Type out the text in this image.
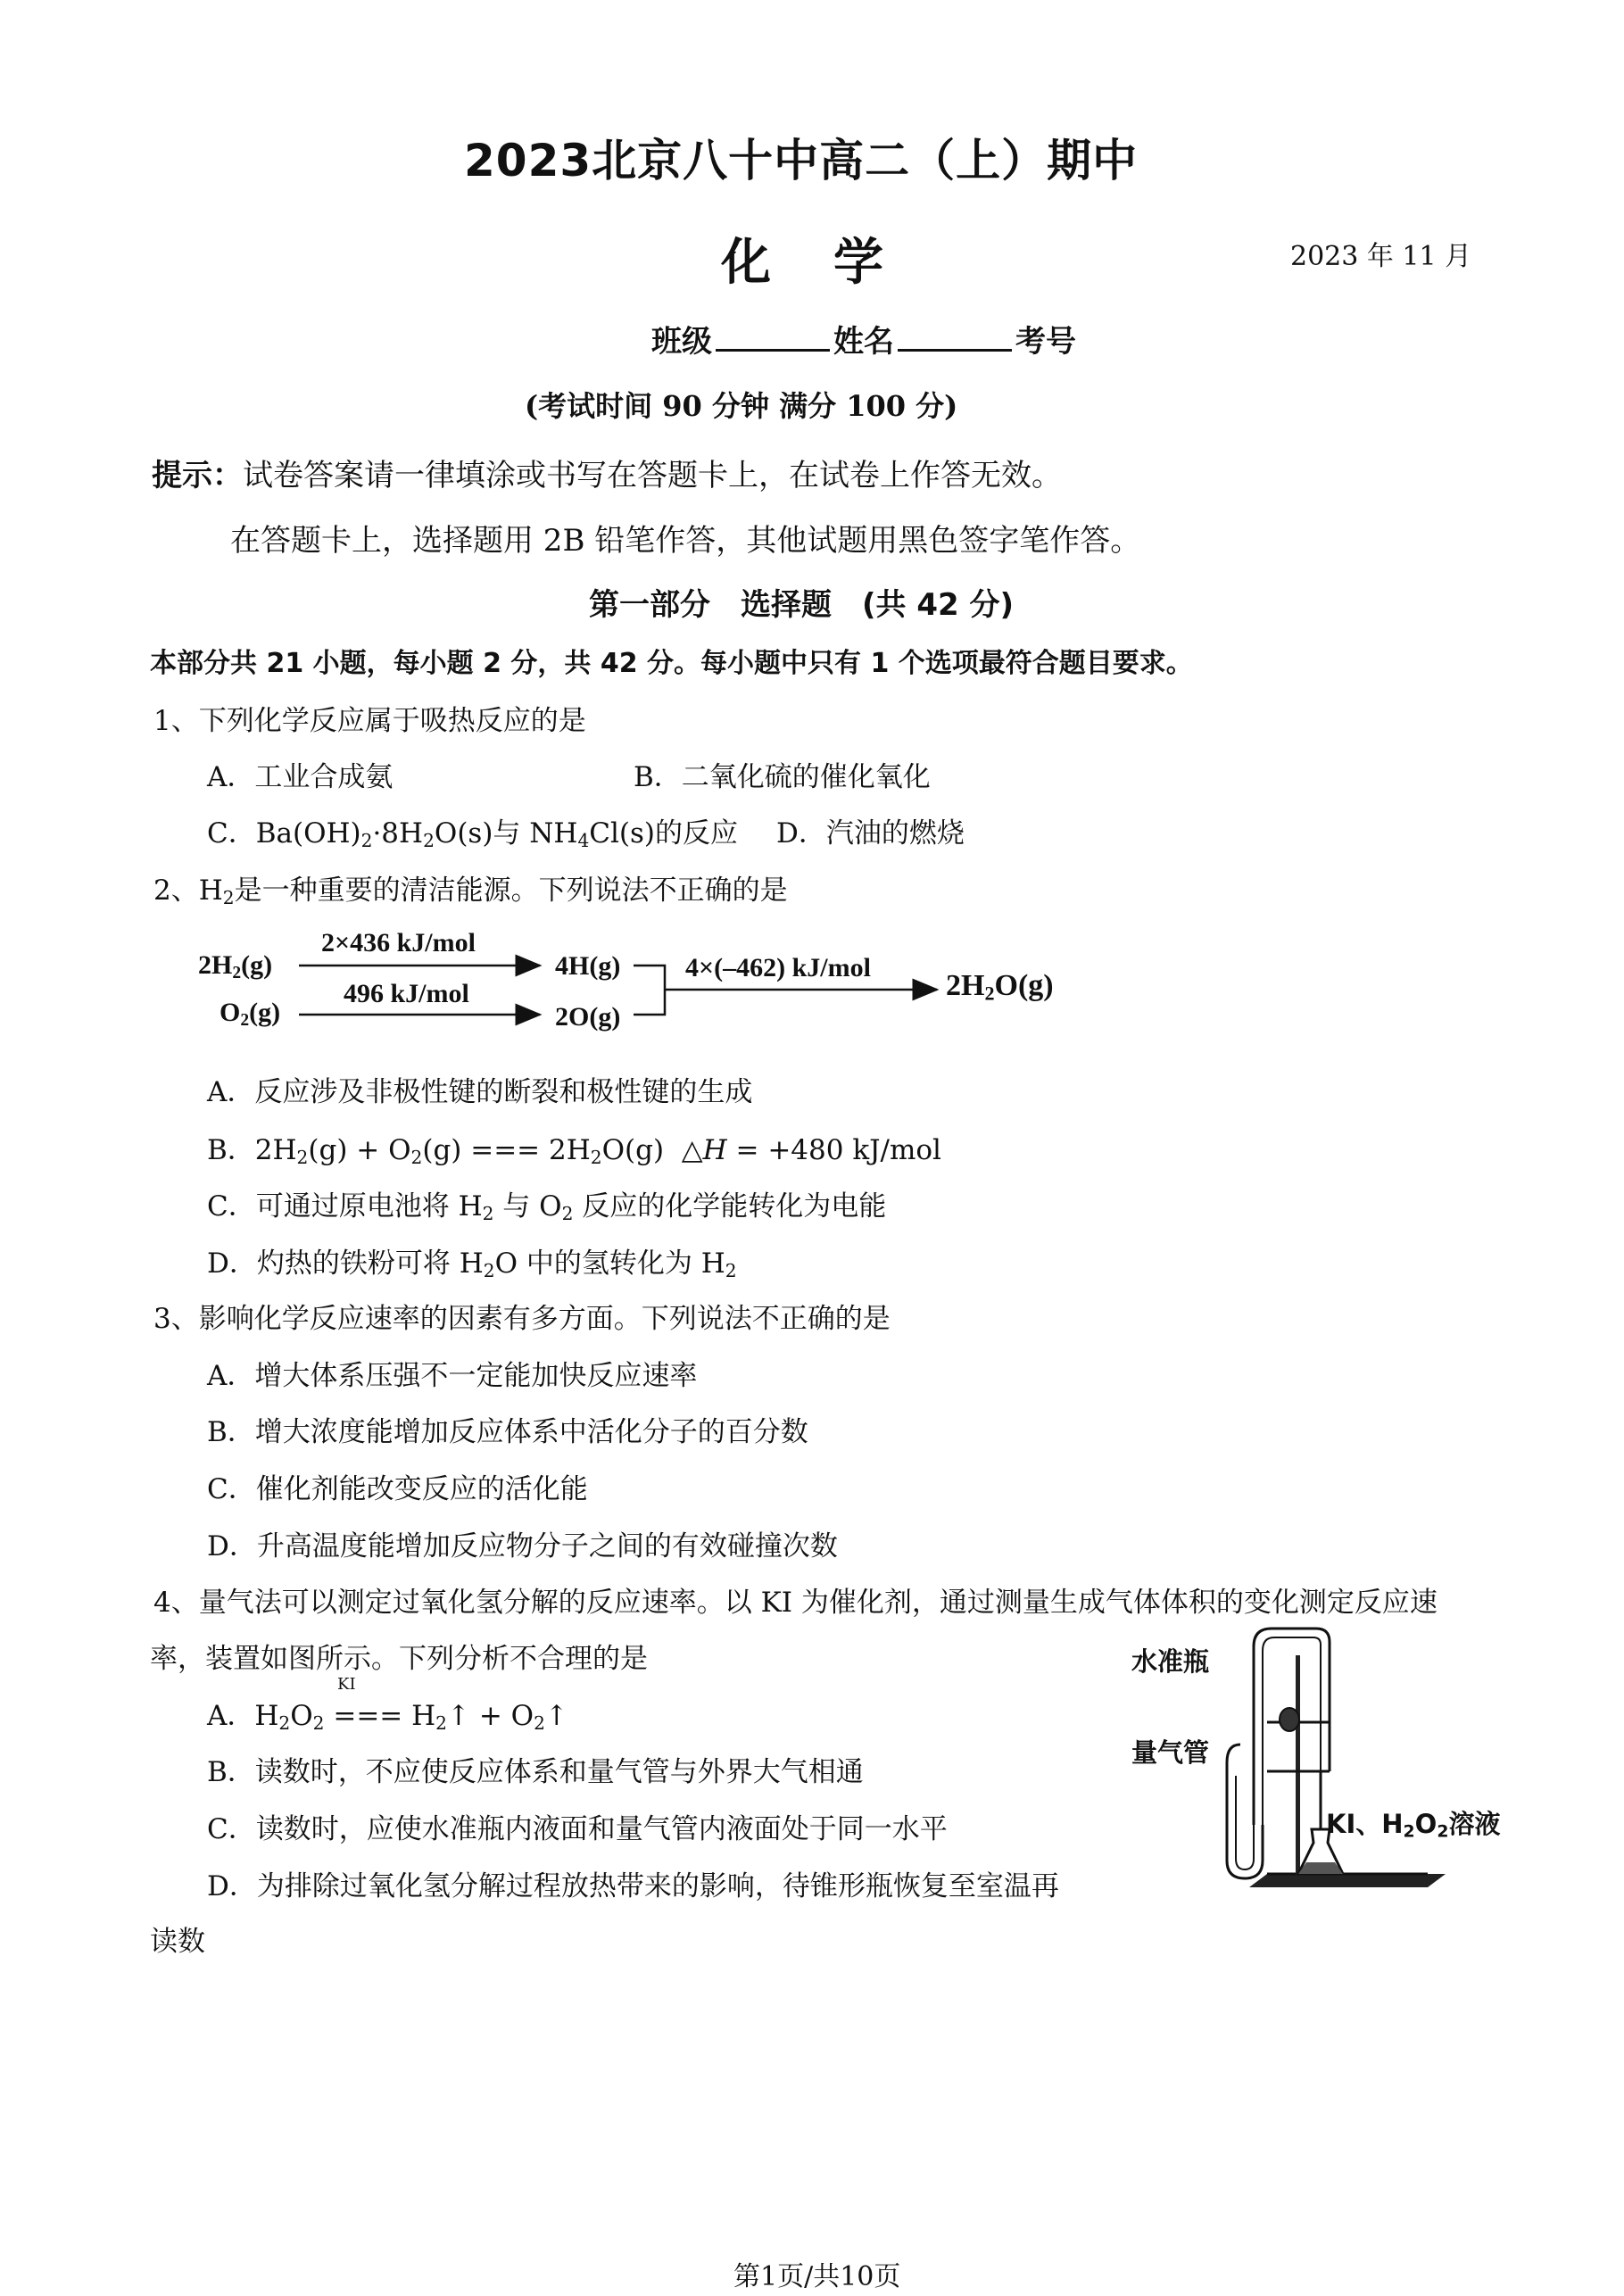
2023北京八十中高二（上）期中
化学	2023 年 11 月
班级	姓名	考号
(考试时间 90 分钟 满分 100 分)
提示：试卷答案请一律填涂或书写在答题卡上，在试卷上作答无效。
在答题卡上，选择题用 2B 铅笔作答，其他试题用黑色签字笔作答。
第一部分　选择题　(共 42 分)
本部分共 21 小题，每小题 2 分，共 42 分。每小题中只有 1 个选项最符合题目要求。
1、下列化学反应属于吸热反应的是
A．工业合成氨	B．二氧化硫的催化氧化
C．$Ba(OH)_2\cdot 8H_2O(s)$与 $NH_4Cl(s)$的反应 D．汽油的燃烧
2、$H_2$是一种重要的清洁能源。下列说法不正确的是
$2H_2(g)$
$O_2(g)$
2×436 kJ/mol
496 kJ/mol
4H(g)
2O(g)
4×(–462) kJ/mol
$2H_2O(g)$
A．反应涉及非极性键的断裂和极性键的生成
B．$2H_2(g) + O_2(g)$ === $2H_2O(g)$  △H = +480 kJ/mol
C．可通过原电池将 $H_2$ 与 $O_2$ 反应的化学能转化为电能
D．灼热的铁粉可将 $H_2O$ 中的氢转化为 $H_2$
3、影响化学反应速率的因素有多方面。下列说法不正确的是
A．增大体系压强不一定能加快反应速率
B．增大浓度能增加反应体系中活化分子的百分数
C．催化剂能改变反应的活化能
D．升高温度能增加反应物分子之间的有效碰撞次数
4、量气法可以测定过氧化氢分解的反应速率。以 KI 为催化剂，通过测量生成气体体积的变化测定反应速
率，装置如图所示。下列分析不合理的是
KI
A．$H_2O_2$ === $H_2↑$ + $O_2↑$
B．读数时，不应使反应体系和量气管与外界大气相通
C．读数时，应使水准瓶内液面和量气管内液面处于同一水平
D．为排除过氧化氢分解过程放热带来的影响，待锥形瓶恢复至室温再
读数
水准瓶
量气管
KI、$H_2O_2$溶液
第1页/共10页
